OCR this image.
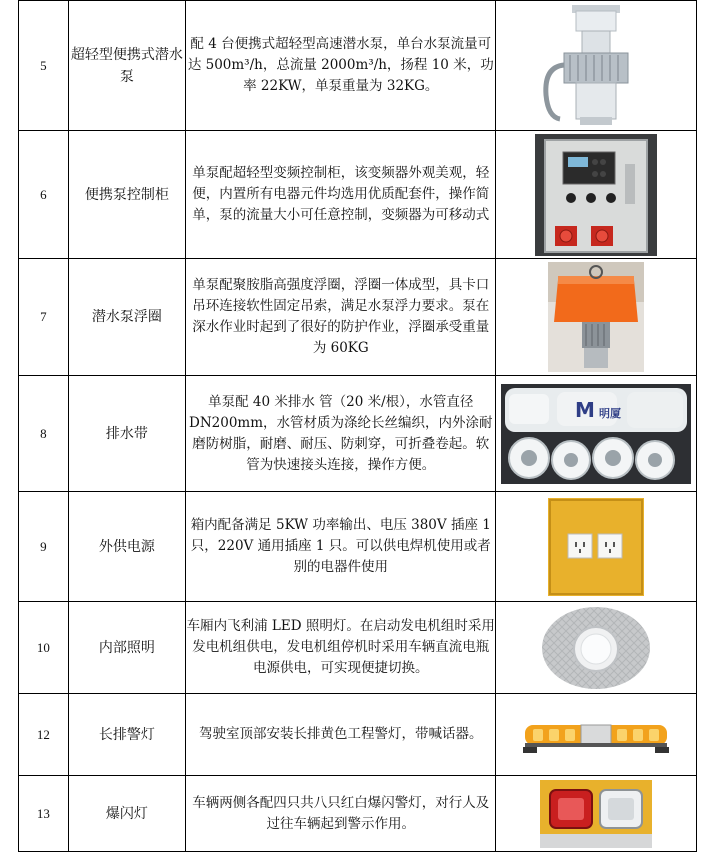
5	超轻型便携式潜水泵	配 4 台便携式超轻型高速潜水泵，单台水泵流量可达 500m³/h，总流量 2000m³/h，扬程 10 米，功率 22KW，单泵重量为 32KG。	

6	便携泵控制柜	单泵配超轻型变频控制柜，该变频器外观美观，轻便，内置所有电器元件均选用优质配套件，操作简单，泵的流量大小可任意控制，变频器为可移动式	

7	潜水泵浮圈	单泵配聚胺脂高强度浮圈，浮圈一体成型，具卡口吊环连接软性固定吊索，满足水泵浮力要求。泵在深水作业时起到了很好的防护作业，浮圈承受重量为 60KG	

8	排水带	单泵配 40 米排水 管（20 米/根），水管直径 DN200mm，水管材质为涤纶长丝编织，内外涂耐磨防树脂，耐磨、耐压、防刺穿，可折叠卷起。软管为快速接头连接，操作方便。	M 明厦

9	外供电源	箱内配备满足 5KW 功率输出、电压 380V 插座 1 只，220V 通用插座 1 只。可以供电焊机使用或者别的电器件使用	

10	内部照明	车厢内飞利浦 LED 照明灯。在启动发电机组时采用发电机组供电，发电机组停机时采用车辆直流电瓶电源供电，可实现便捷切换。	

12	长排警灯	驾驶室顶部安装长排黄色工程警灯，带喊话器。	

13	爆闪灯	车辆两侧各配四只共八只红白爆闪警灯，对行人及过往车辆起到警示作用。	
